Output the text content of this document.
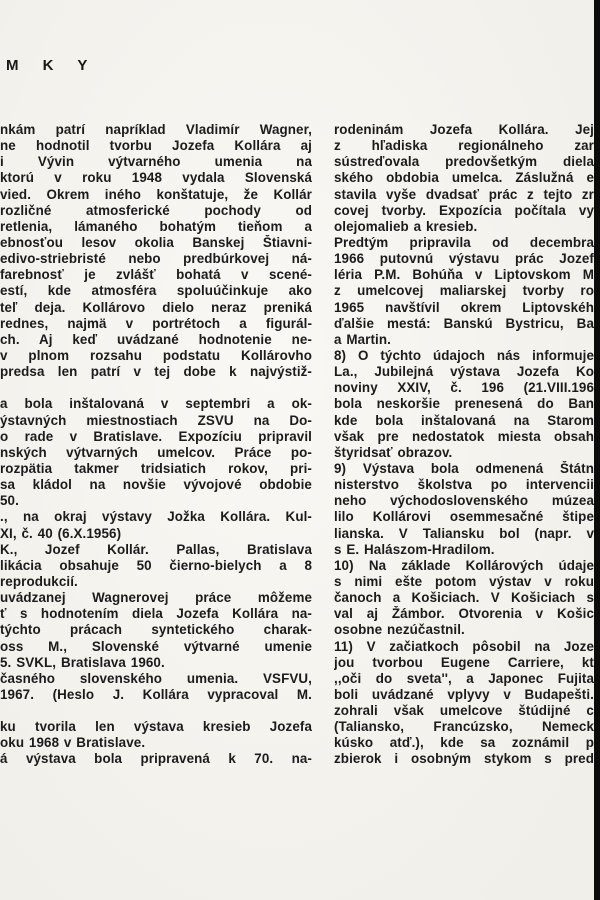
M K Y
nkám patrí napríklad Vladimír Wagner,
ne hodnotil tvorbu Jozefa Kollára aj
i Vývin výtvarného umenia na
ktorú v roku 1948 vydala Slovenská
vied. Okrem iného konštatuje, že Kollár
rozličné atmosferické pochody od
retlenia, lámaného bohatým tieňom a
ebnosťou lesov okolia Banskej Štiavni-
edivo-striebristé nebo predbúrkovej ná-
farebnosť je zvlášť bohatá v scené-
estí, kde atmosféra spoluúčinkuje ako
teľ deja. Kollárovo dielo neraz preniká
rednes, najmä v portrétoch a figurál-
ch. Aj keď uvádzané hodnotenie ne-
v plnom rozsahu podstatu Kollárovho
predsa len patrí v tej dobe k najvýstiž-
a bola inštalovaná v septembri a ok-
ýstavných miestnostiach ZSVU na Do-
o rade v Bratislave. Expozíciu pripravil
nských výtvarných umelcov. Práce po-
rozpätia takmer tridsiatich rokov, pri-
sa kládol na novšie vývojové obdobie
50.
., na okraj výstavy Jožka Kollára. Kul-
XI, č. 40 (6.X.1956)
K., Jozef Kollár. Pallas, Bratislava
likácia obsahuje 50 čierno-bielych a 8
reprodukcií.
uvádzanej Wagnerovej práce môžeme
ť s hodnotením diela Jozefa Kollára na-
týchto prácach syntetického charak-
oss M., Slovenské výtvarné umenie
5. SVKL, Bratislava 1960.
časného slovenského umenia. VSFVU,
1967. (Heslo J. Kollára vypracoval M.
ku tvorila len výstava kresieb Jozefa
oku 1968 v Bratislave.
á výstava bola pripravená k 70. na-
rodeninám Jozefa Kollára. Jej
z hľadiska regionálneho zar
sústreďovala predovšetkým diela
ského obdobia umelca. Záslužná e
stavila vyše dvadsať prác z tejto zr
covej tvorby. Expozícia počítala vy
olejomalieb a kresieb.
Predtým pripravila od decembra
1966 putovnú výstavu prác Jozef
léria P.M. Bohúňa v Liptovskom M
z umelcovej maliarskej tvorby ro
1965 navštívil okrem Liptovskéh
ďalšie mestá: Banskú Bystricu, Ba
a Martin.
8) O týchto údajoch nás informuje
La., Jubilejná výstava Jozefa Ko
noviny XXIV, č. 196 (21.VIII.196
bola neskoršie prenesená do Ban
kde bola inštalovaná na Starom
však pre nedostatok miesta obsah
štyridsať obrazov.
9) Výstava bola odmenená Štátn
nisterstvo školstva po intervencii
neho východoslovenského múzea
lilo Kollárovi osemmesačné štipe
lianska. V Taliansku bol (napr. v
s E. Halászom-Hradilom.
10) Na základe Kollárových údaje
s nimi ešte potom výstav v roku
čanoch a Košiciach. V Košiciach s
val aj Žámbor. Otvorenia v Košic
osobne nezúčastnil.
11) V začiatkoch pôsobil na Joze
jou tvorbou Eugene Carriere, kt
,,oči do sveta'', a Japonec Fujita
boli uvádzané vplyvy v Budapešti.
zohrali však umelcove štúdijné c
(Taliansko, Francúzsko, Nemeck
kúsko atď.), kde sa zoznámil p
zbierok i osobným stykom s pred
